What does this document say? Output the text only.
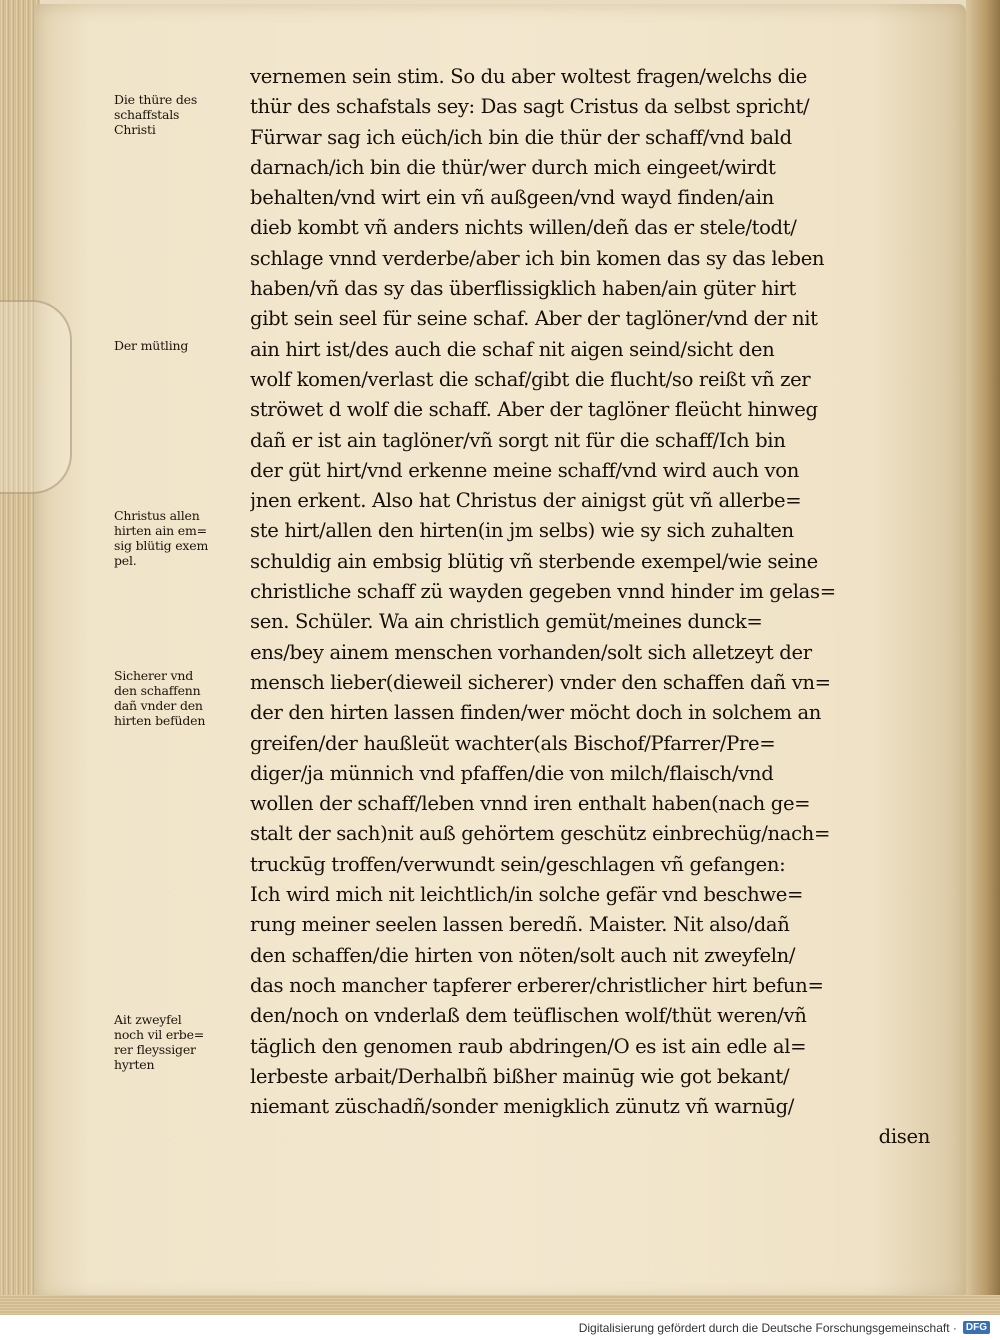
Die thüre des
schaffstals
Christi
Der mütling
Christus allen
hirten ain em=
sig blütig exem
pel.
Sicherer vnd
den schaffenn
dañ vnder den
hirten befüden
Ait zweyfel
noch vil erbe=
rer fleyssiger
hyrten
vernemen sein stim. So du aber woltest fragen/welchs die
thür des schafstals sey: Das sagt Cristus da selbst spricht/
Fürwar sag ich eüch/ich bin die thür der schaff/vnd bald
darnach/ich bin die thür/wer durch mich eingeet/wirdt
behalten/vnd wirt ein vñ außgeen/vnd wayd finden/ain
dieb kombt vñ anders nichts willen/deñ das er stele/todt/
schlage vnnd verderbe/aber ich bin komen das sy das leben
haben/vñ das sy das überflissigklich haben/ain güter hirt
gibt sein seel für seine schaf. Aber der taglöner/vnd der nit
ain hirt ist/des auch die schaf nit aigen seind/sicht den
wolf komen/verlast die schaf/gibt die flucht/so reißt vñ zer
ströwet d wolf die schaff. Aber der taglöner fleücht hinweg
dañ er ist ain taglöner/vñ sorgt nit für die schaff/Ich bin
der güt hirt/vnd erkenne meine schaff/vnd wird auch von
jnen erkent. Also hat Christus der ainigst güt vñ allerbe=
ste hirt/allen den hirten(in jm selbs) wie sy sich zuhalten
schuldig ain embsig blütig vñ sterbende exempel/wie seine
christliche schaff zü wayden gegeben vnnd hinder im gelas=
sen. Schüler. Wa ain christlich gemüt/meines dunck=
ens/bey ainem menschen vorhanden/solt sich alletzeyt der
mensch lieber(dieweil sicherer) vnder den schaffen dañ vn=
der den hirten lassen finden/wer möcht doch in solchem an
greifen/der haußleüt wachter(als Bischof/Pfarrer/Pre=
diger/ja münnich vnd pfaffen/die von milch/flaisch/vnd
wollen der schaff/leben vnnd iren enthalt haben(nach ge=
stalt der sach)nit auß gehörtem geschütz einbrechüg/nach=
truckūg troffen/verwundt sein/geschlagen vñ gefangen:
Ich wird mich nit leichtlich/in solche gefär vnd beschwe=
rung meiner seelen lassen beredñ. Maister. Nit also/dañ
den schaffen/die hirten von nöten/solt auch nit zweyfeln/
das noch mancher tapferer erberer/christlicher hirt befun=
den/noch on vnderlaß dem teüflischen wolf/thüt weren/vñ
täglich den genomen raub abdringen/O es ist ain edle al=
lerbeste arbait/Derhalbñ bißher mainūg wie got bekant/
niemant züschadñ/sonder menigklich zünutz vñ warnūg/
disen
Digitalisierung gefördert durch die Deutsche Forschungsgemeinschaft · DFG
